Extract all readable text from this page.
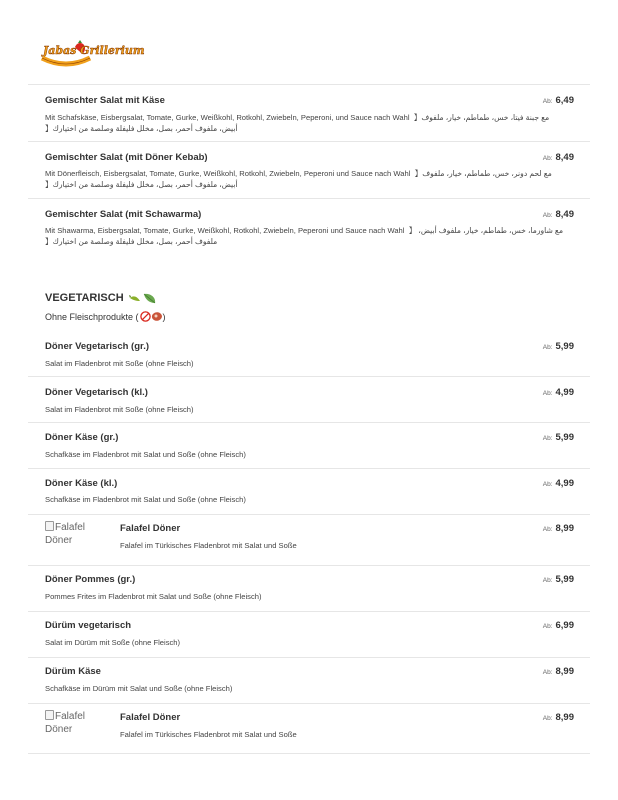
Jabas Grillerium
Gemischter Salat mit Käse	Ab: 6,49
Mit Schafskäse, Eisbergsalat, Tomate, Gurke, Weißkohl, Rotkohl, Zwiebeln, Peperoni, und Sauce nach Wahl مع جبنة فيتا، خس، طماطم، خيار، ملفوف【
أبيض، ملفوف أحمر، بصل، مخلل فليفلة وصلصة من اختيارك【
Gemischter Salat (mit Döner Kebab)	Ab: 8,49
Mit Dönerfleisch, Eisbergsalat, Tomate, Gurke, Weißkohl, Rotkohl, Zwiebeln, Peperoni und Sauce nach Wahl مع لحم دونر، خس، طماطم، خيار، ملفوف【
أبيض، ملفوف أحمر، بصل، مخلل فليفلة وصلصة من اختيارك【
Gemischter Salat (mit Schawarma)	Ab: 8,49
Mit Shawarma, Eisbergsalat, Tomate, Gurke, Weißkohl, Rotkohl, Zwiebeln, Peperoni und Sauce nach Wahl مع شاورما، خس، طماطم، خيار، ملفوف أبيض، 【
ملفوف أحمر، بصل، مخلل فليفلة وصلصة من اختيارك【
VEGETARISCH
Ohne Fleischprodukte (	)
Döner Vegetarisch (gr.)	Ab: 5,99
Salat im Fladenbrot mit Soße (ohne Fleisch)
Döner Vegetarisch (kl.)	Ab: 4,99
Salat im Fladenbrot mit Soße (ohne Fleisch)
Döner Käse (gr.)	Ab: 5,99
Schafkäse im Fladenbrot mit Salat und Soße (ohne Fleisch)
Döner Käse (kl.)	Ab: 4,99
Schafkäse im Fladenbrot mit Salat und Soße (ohne Fleisch)
Falafel
Döner
Falafel Döner	Ab: 8,99
Falafel im Türkisches Fladenbrot mit Salat und Soße
Döner Pommes (gr.)	Ab: 5,99
Pommes Frites im Fladenbrot mit Salat und Soße (ohne Fleisch)
Dürüm vegetarisch	Ab: 6,99
Salat im Dürüm mit Soße (ohne Fleisch)
Dürüm Käse	Ab: 8,99
Schafkäse im Dürüm mit Salat und Soße (ohne Fleisch)
Falafel
Döner
Falafel Döner	Ab: 8,99
Falafel im Türkisches Fladenbrot mit Salat und Soße
